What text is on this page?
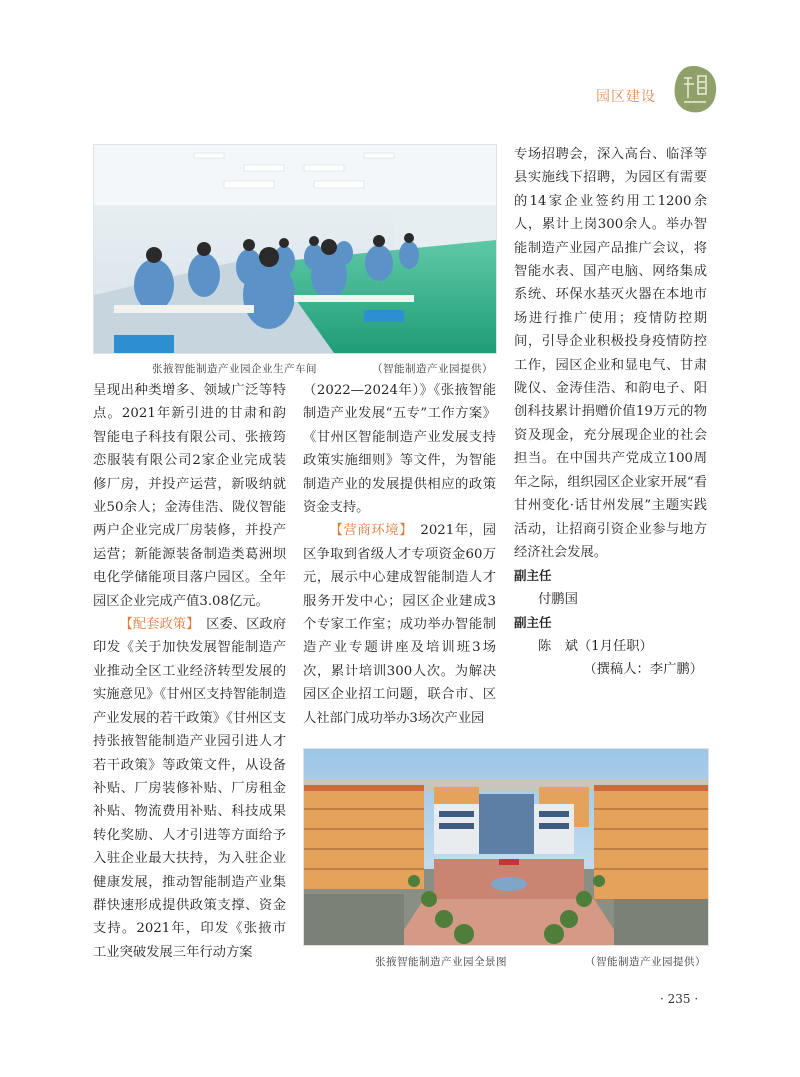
园区建设
张掖智能制造产业园企业生产车间	（智能制造产业园提供）

呈现出种类增多、领域广泛等特点。2021年新引进的甘肃和韵智能电子科技有限公司、张掖筠恋服装有限公司2家企业完成装修厂房，并投产运营，新吸纳就业50余人；金涛佳浩、陇仪智能两户企业完成厂房装修，并投产运营；新能源装备制造类葛洲坝电化学储能项目落户园区。全年园区企业完成产值3.08亿元。

【配套政策】　 区委、区政府印发《关于加快发展智能制造产业推动全区工业经济转型发展的实施意见》《甘州区支持智能制造产业发展的若干政策》《甘州区支持张掖智能制造产业园引进人才若干政策》等政策文件，从设备补贴、厂房装修补贴、厂房租金补贴、物流费用补贴、科技成果转化奖励、人才引进等方面给予入驻企业最大扶持，为入驻企业健康发展，推动智能制造产业集群快速形成提供政策支撑、资金支持。2021年，印发《张掖市工业突破发展三年行动方案

（2022—2024年）》《张掖智能制造产业发展“五专”工作方案》《甘州区智能制造产业发展支持政策实施细则》等文件，为智能制造产业的发展提供相应的政策资金支持。

【营商环境】　 2021年，园区争取到省级人才专项资金60万元，展示中心建成智能制造人才服务开发中心；园区企业建成3个专家工作室；成功举办智能制造产业专题讲座及培训班3场次，累计培训300人次。为解决园区企业招工问题，联合市、区人社部门成功举办3场次产业园

专场招聘会，深入高台、临泽等县实施线下招聘，为园区有需要的14家企业签约用工1200余人，累计上岗300余人。举办智能制造产业园产品推广会议，将智能水表、国产电脑、网络集成系统、环保水基灭火器在本地市场进行推广使用；疫情防控期间，引导企业积极投身疫情防控工作，园区企业和显电气、甘肃陇仪、金涛佳浩、和韵电子、阳创科技累计捐赠价值19万元的物资及现金，充分展现企业的社会担当。在中国共产党成立100周年之际，组织园区企业家开展“看甘州变化·话甘州发展”主题实践活动，让招商引资企业参与地方经济社会发展。

副主任

付鹏国

副主任

陈　斌（1月任职）

（撰稿人：李广鹏）

张掖智能制造产业园全景图	（智能制造产业园提供）
· 235 ·
